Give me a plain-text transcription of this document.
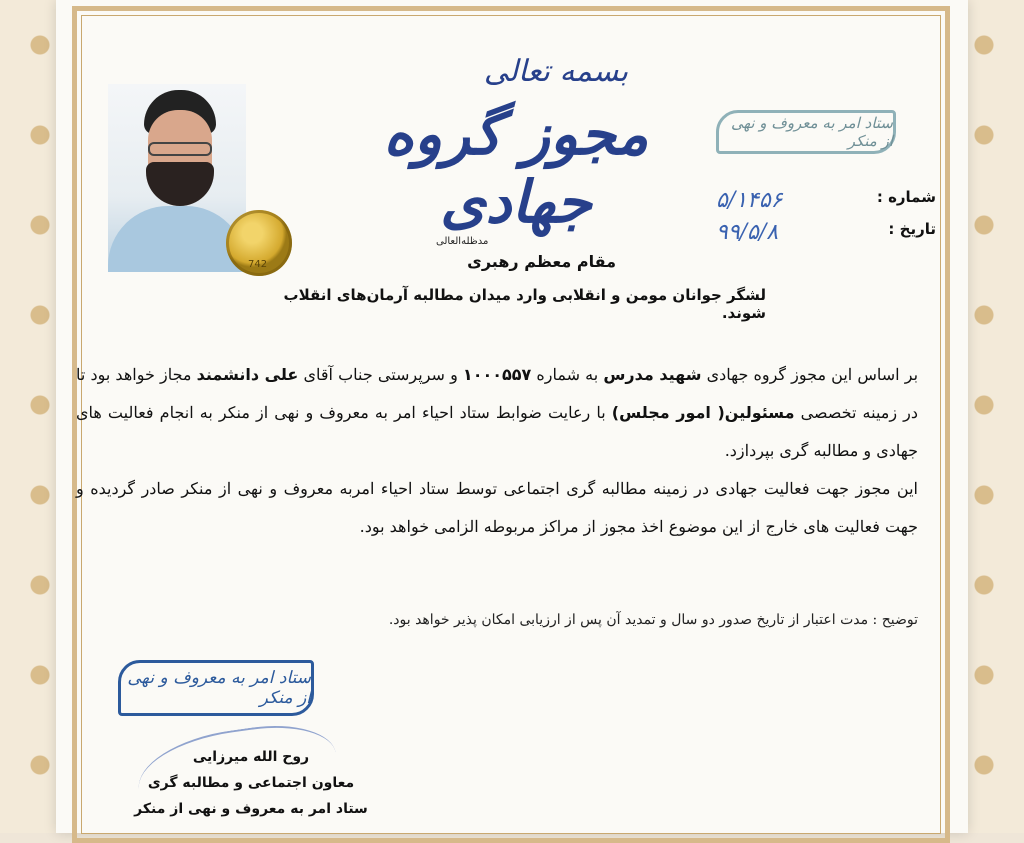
742
بسمه تعالی
مجوز گروه جهادی
ستاد امر به معروف و نهی از منکر
شماره :
۵/۱۴۵۶
تاریخ :
۹۹/۵/۸
مدظله‌العالی
مقام معظم رهبری
لشگر جوانان مومن و انقلابی وارد میدان مطالبه آرمان‌های انقلاب شوند.
بر اساس این مجوز گروه جهادی شهید مدرس به شماره ۱۰۰۰۵۵۷ و سرپرستی جناب آقای علی دانشمند مجاز خواهد بود تا در زمینه تخصصی مسئولین( امور مجلس) با رعایت ضوابط ستاد احیاء امر به معروف و نهی از منکر به انجام فعالیت های جهادی و مطالبه گری بپردازد.
این مجوز جهت فعالیت جهادی در زمینه مطالبه گری اجتماعی توسط ستاد احیاء امربه معروف و نهی از منکر صادر گردیده و جهت فعالیت های خارج از این موضوع اخذ مجوز از مراکز مربوطه الزامی خواهد بود.
توضیح : مدت اعتبار از تاریخ صدور دو سال و تمدید آن پس از ارزیابی امکان پذیر خواهد بود.
ستاد امر به معروف و نهی از منکر
روح الله میرزایی
معاون اجتماعی و مطالبه گری
ستاد امر به معروف و نهی از منکر
